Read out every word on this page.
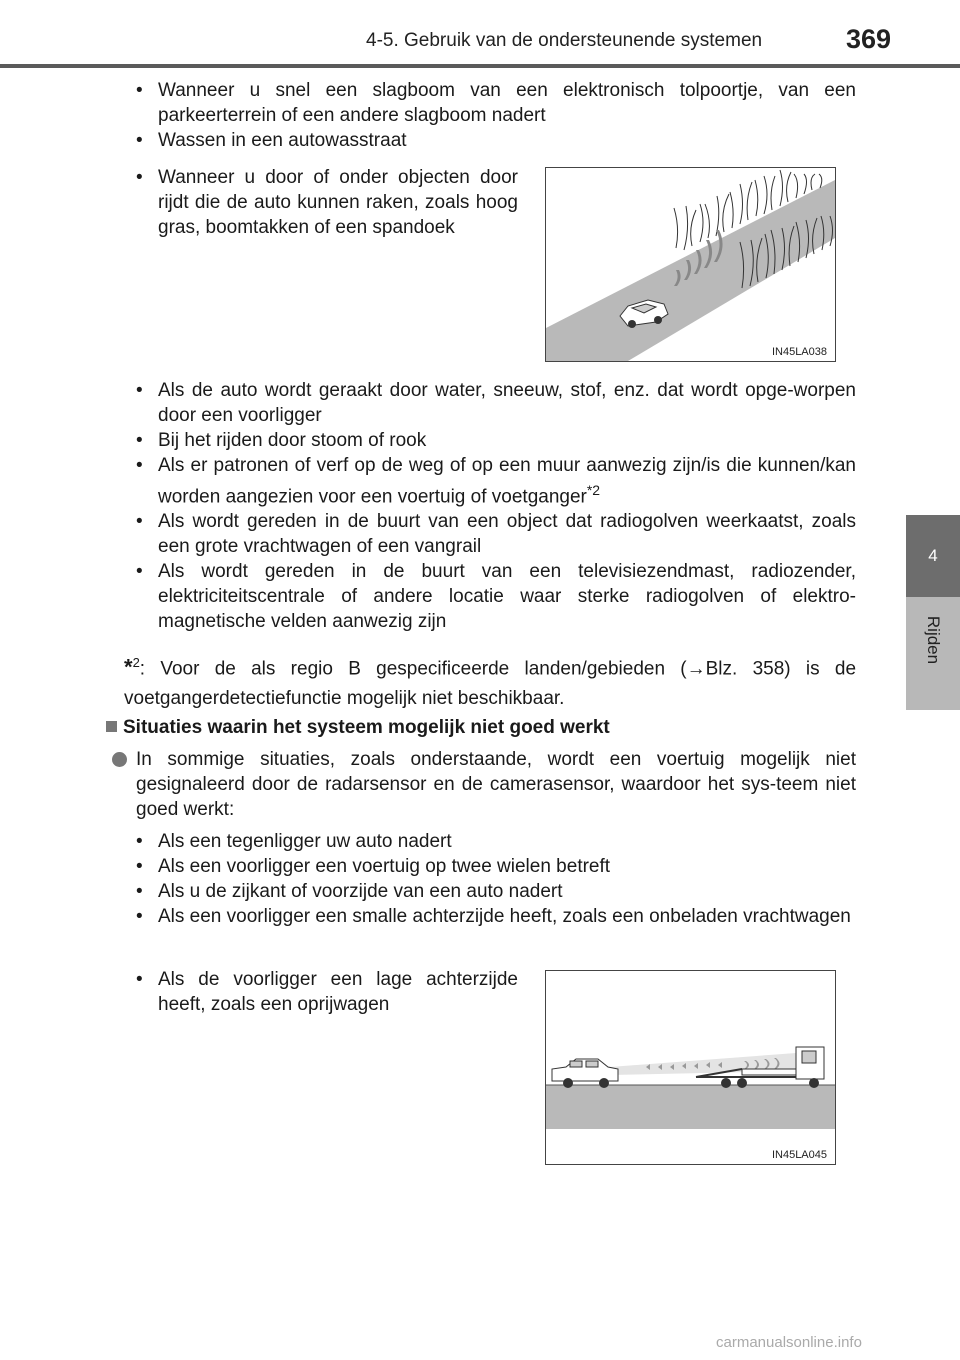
4-5. Gebruik van de ondersteunende systemen	369
4
Rijden
• Wanneer u snel een slagboom van een elektronisch tolpoortje, van een parkeerterrein of een andere slagboom nadert
• Wassen in een autowasstraat
• Wanneer u door of onder objecten door rijdt die de auto kunnen raken, zoals hoog gras, boomtakken of een spandoek
IN45LA038
• Als de auto wordt geraakt door water, sneeuw, stof, enz. dat wordt opge-worpen door een voorligger
• Bij het rijden door stoom of rook
• Als er patronen of verf op de weg of op een muur aanwezig zijn/is die kunnen/kan worden aangezien voor een voertuig of voetganger$^{*2}$
• Als wordt gereden in de buurt van een object dat radiogolven weerkaatst, zoals een grote vrachtwagen of een vangrail
• Als wordt gereden in de buurt van een televisiezendmast, radiozender, elektriciteitscentrale of andere locatie waar sterke radiogolven of elektro-magnetische velden aanwezig zijn
*$^2$: Voor de als regio B gespecificeerde landen/gebieden (→Blz. 358) is de voetgangerdetectiefunctie mogelijk niet beschikbaar.
Situaties waarin het systeem mogelijk niet goed werkt
In sommige situaties, zoals onderstaande, wordt een voertuig mogelijk niet gesignaleerd door de radarsensor en de camerasensor, waardoor het sys-teem niet goed werkt:
• Als een tegenligger uw auto nadert
• Als een voorligger een voertuig op twee wielen betreft
• Als u de zijkant of voorzijde van een auto nadert
• Als een voorligger een smalle achterzijde heeft, zoals een onbeladen vrachtwagen
• Als de voorligger een lage achterzijde heeft, zoals een oprijwagen
IN45LA045
carmanualsonline.info
